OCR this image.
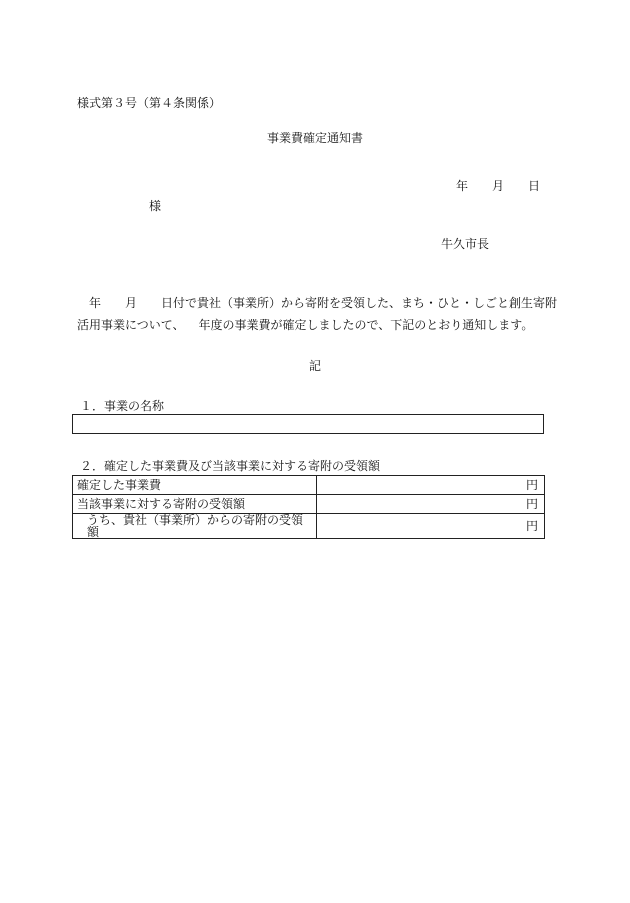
様式第３号（第４条関係）
事業費確定通知書
年 月 日
様
牛久市長
年 月 日付で貴社（事業所）から寄附を受領した、まち・ひと・しごと創生寄附
活用事業について、 年度の事業費が確定しましたので、下記のとおり通知します。
記
１．事業の名称
２．確定した事業費及び当該事業に対する寄附の受領額
確定した事業費	円
当該事業に対する寄附の受領額	円
うち、貴社（事業所）からの寄附の受領額	円
